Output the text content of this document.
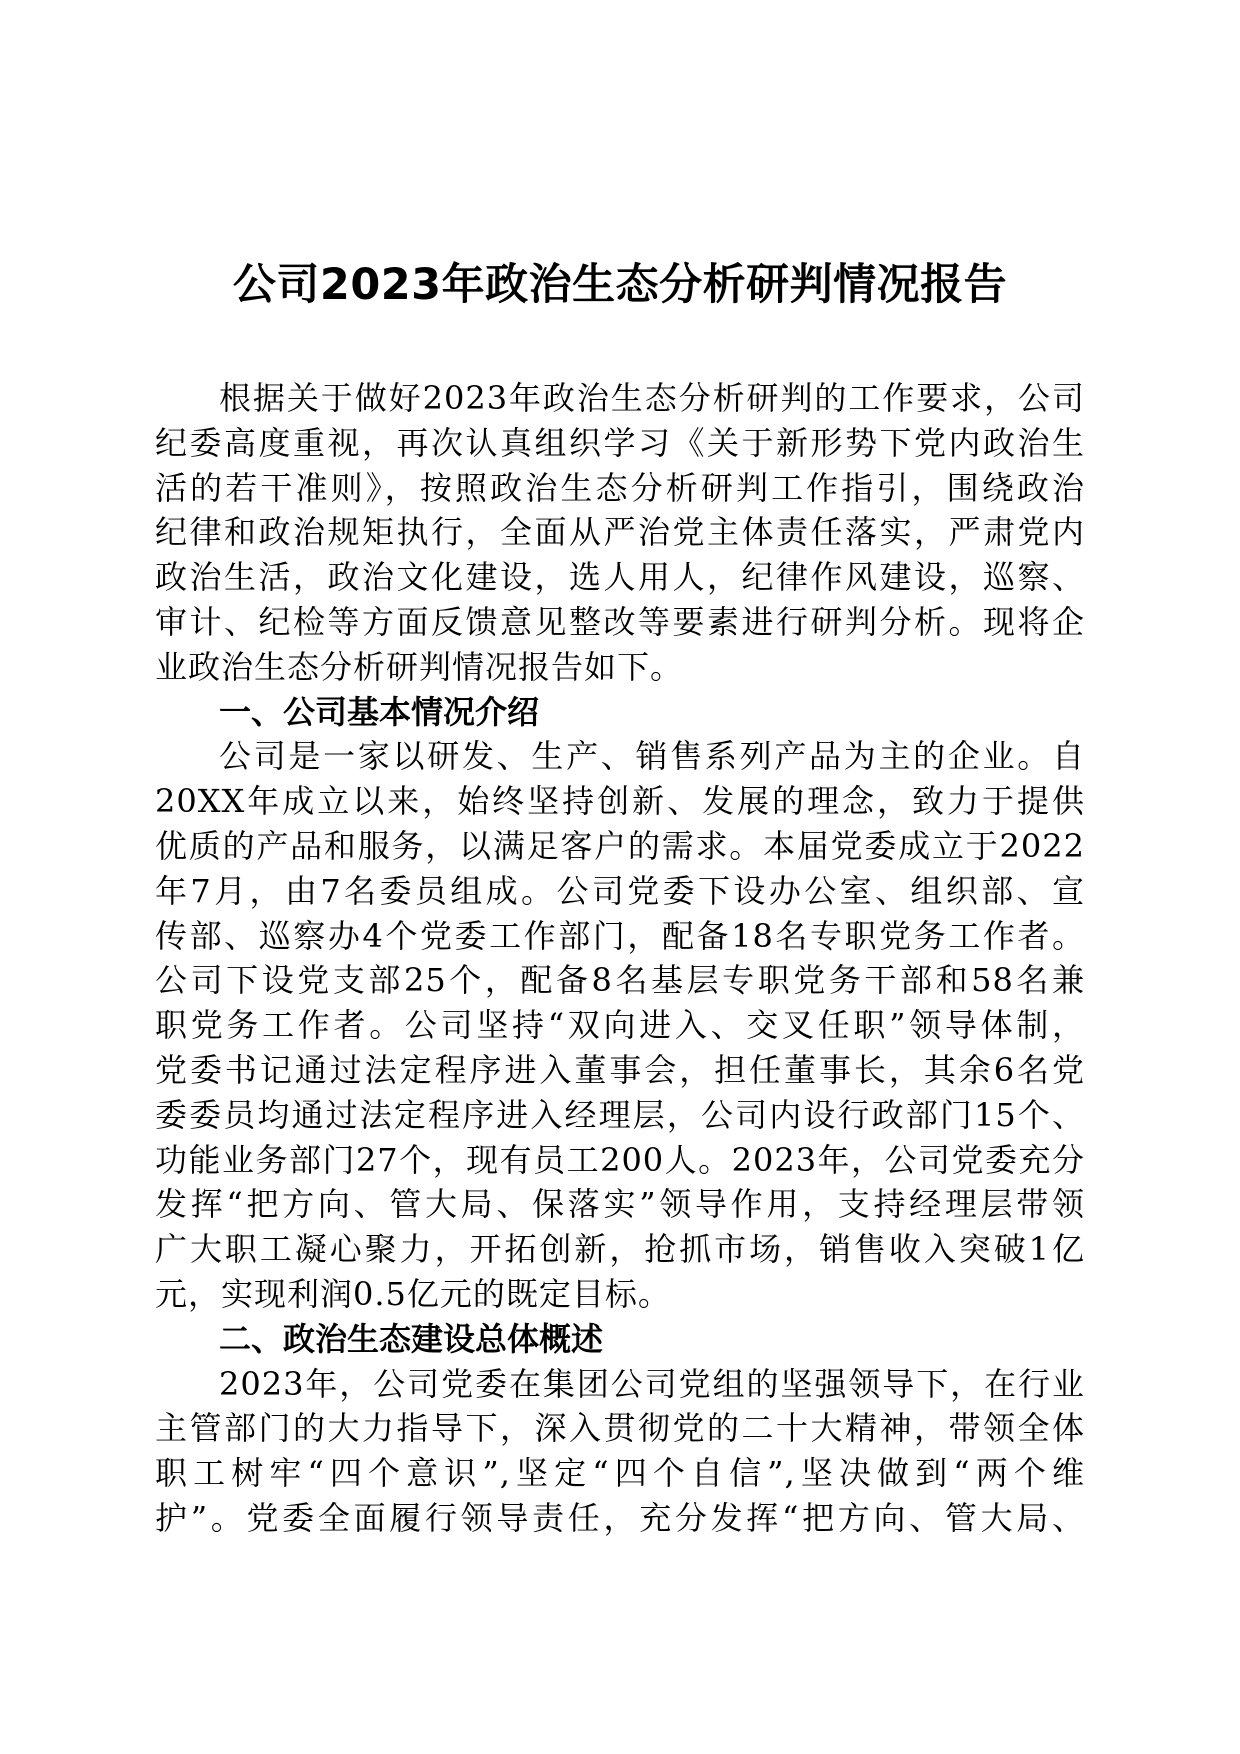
公司2023年政治生态分析研判情况报告
根据关于做好2023年政治生态分析研判的工作要求，公司
纪委高度重视，再次认真组织学习《关于新形势下党内政治生
活的若干准则》，按照政治生态分析研判工作指引，围绕政治
纪律和政治规矩执行，全面从严治党主体责任落实，严肃党内
政治生活，政治文化建设，选人用人，纪律作风建设，巡察、
审计、纪检等方面反馈意见整改等要素进行研判分析。现将企
业政治生态分析研判情况报告如下。
一、公司基本情况介绍
公司是一家以研发、生产、销售系列产品为主的企业。自
20XX年成立以来，始终坚持创新、发展的理念，致力于提供
优质的产品和服务，以满足客户的需求。本届党委成立于2022
年7月，由7名委员组成。公司党委下设办公室、组织部、宣
传部、巡察办4个党委工作部门，配备18名专职党务工作者。
公司下设党支部25个，配备8名基层专职党务干部和58名兼
职党务工作者。公司坚持“双向进入、交叉任职”领导体制，
党委书记通过法定程序进入董事会，担任董事长，其余6名党
委委员均通过法定程序进入经理层，公司内设行政部门15个、
功能业务部门27个，现有员工200人。2023年，公司党委充分
发挥“把方向、管大局、保落实”领导作用，支持经理层带领
广大职工凝心聚力，开拓创新，抢抓市场，销售收入突破1亿
元，实现利润0.5亿元的既定目标。
二、政治生态建设总体概述
2023年，公司党委在集团公司党组的坚强领导下，在行业
主管部门的大力指导下，深入贯彻党的二十大精神，带领全体
职工树牢“四个意识”,坚定“四个自信”,坚决做到“两个维
护”。党委全面履行领导责任，充分发挥“把方向、管大局、
